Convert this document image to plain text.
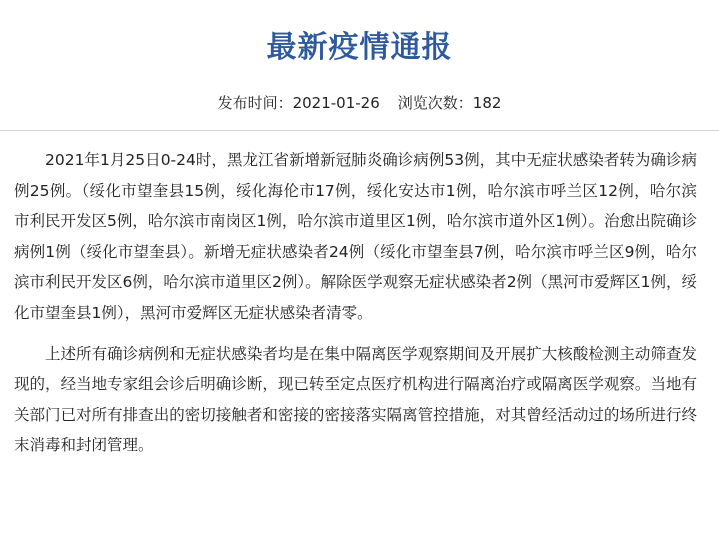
最新疫情通报
发布时间：2021-01-26 浏览次数：182

2021年1月25日0-24时，黑龙江省新增新冠肺炎确诊病例53例，其中无症状感染者转为确诊病例25例。（绥化市望奎县15例，绥化海伦市17例，绥化安达市1例，哈尔滨市呼兰区12例，哈尔滨市利民开发区5例，哈尔滨市南岗区1例，哈尔滨市道里区1例，哈尔滨市道外区1例）。治愈出院确诊病例1例（绥化市望奎县）。新增无症状感染者24例（绥化市望奎县7例，哈尔滨市呼兰区9例，哈尔滨市利民开发区6例，哈尔滨市道里区2例）。解除医学观察无症状感染者2例（黑河市爱辉区1例，绥化市望奎县1例），黑河市爱辉区无症状感染者清零。

上述所有确诊病例和无症状感染者均是在集中隔离医学观察期间及开展扩大核酸检测主动筛查发现的，经当地专家组会诊后明确诊断，现已转至定点医疗机构进行隔离治疗或隔离医学观察。当地有关部门已对所有排查出的密切接触者和密接的密接落实隔离管控措施，对其曾经活动过的场所进行终末消毒和封闭管理。
